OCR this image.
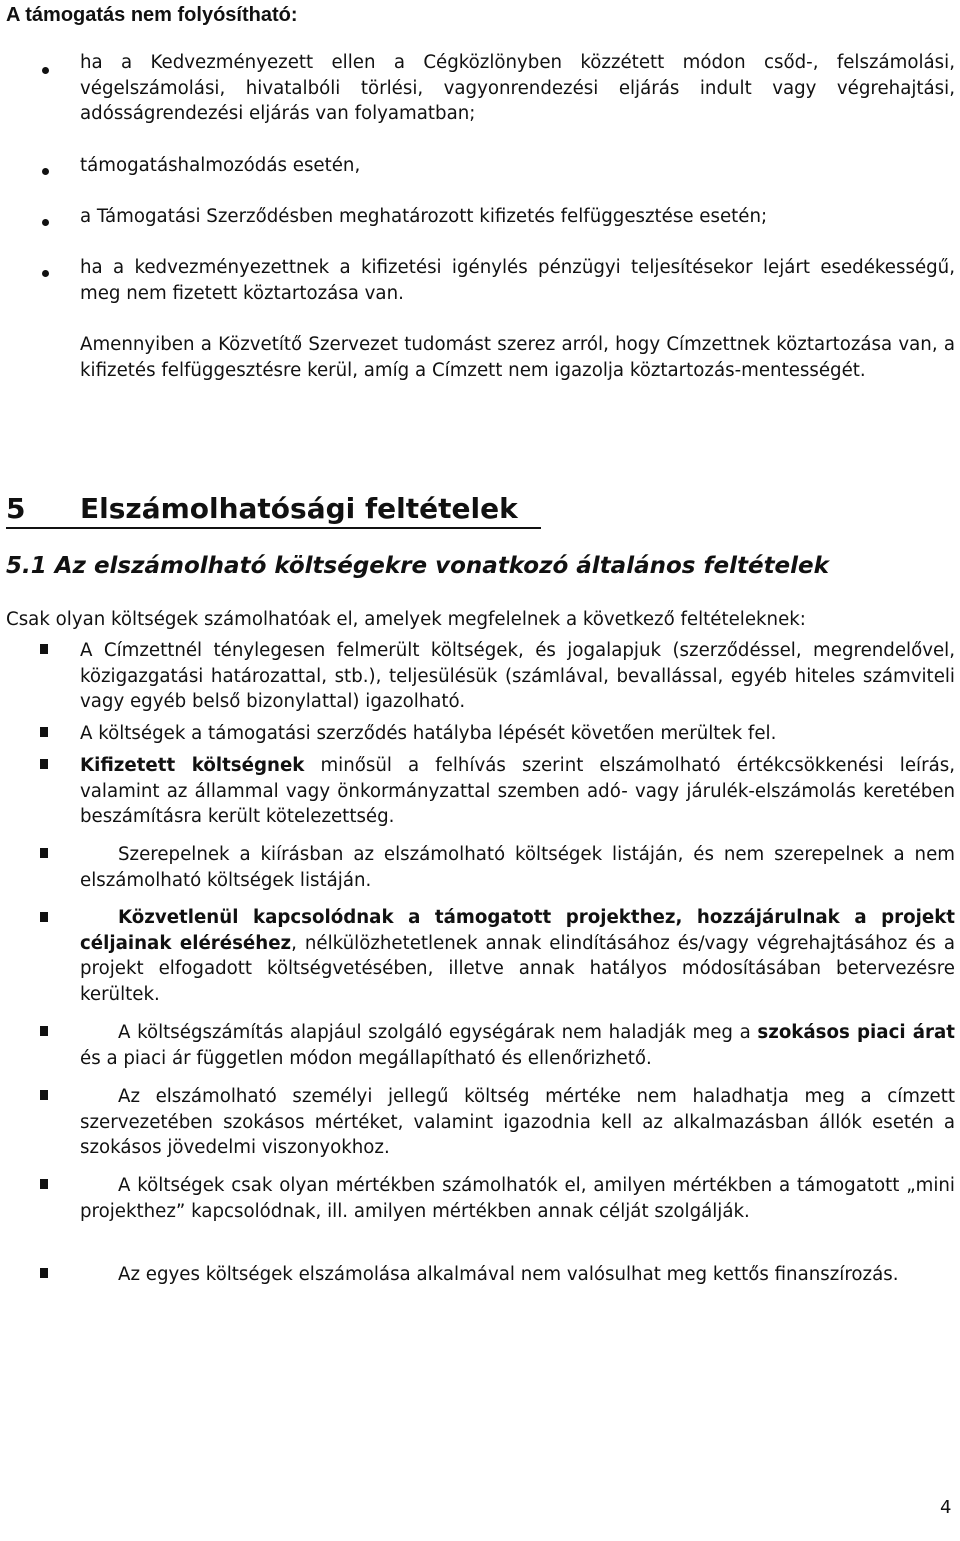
A támogatás nem folyósítható:
ha a Kedvezményezett ellen a Cégközlönyben közzétett módon csőd-, felszámolási, végelszámolási, hivatalbóli törlési, vagyonrendezési eljárás indult vagy végrehajtási, adósságrendezési eljárás van folyamatban;
támogatáshalmozódás esetén,
a Támogatási Szerződésben meghatározott kifizetés felfüggesztése esetén;
ha a kedvezményezettnek a kifizetési igénylés pénzügyi teljesítésekor lejárt esedékességű, meg nem fizetett köztartozása van.
Amennyiben a Közvetítő Szervezet tudomást szerez arról, hogy Címzettnek köztartozása van, a kifizetés felfüggesztésre kerül, amíg a Címzett nem igazolja köztartozás-mentességét.
5 Elszámolhatósági feltételek
5.1 Az elszámolható költségekre vonatkozó általános feltételek
Csak olyan költségek számolhatóak el, amelyek megfelelnek a következő feltételeknek:
A Címzettnél ténylegesen felmerült költségek, és jogalapjuk (szerződéssel, megrendelővel, közigazgatási határozattal, stb.), teljesülésük (számlával, bevallással, egyéb hiteles számviteli vagy egyéb belső bizonylattal) igazolható.
A költségek a támogatási szerződés hatályba lépését követően merültek fel.
Kifizetett költségnek minősül a felhívás szerint elszámolható értékcsökkenési leírás, valamint az állammal vagy önkormányzattal szemben adó- vagy járulék-elszámolás keretében beszámításra került kötelezettség.
Szerepelnek a kiírásban az elszámolható költségek listáján, és nem szerepelnek a nem elszámolható költségek listáján.
Közvetlenül kapcsolódnak a támogatott projekthez, hozzájárulnak a projekt céljainak eléréséhez, nélkülözhetetlenek annak elindításához és/vagy végrehajtásához és a projekt elfogadott költségvetésében, illetve annak hatályos módosításában betervezésre kerültek.
A költségszámítás alapjául szolgáló egységárak nem haladják meg a szokásos piaci árat és a piaci ár független módon megállapítható és ellenőrizhető.
Az elszámolható személyi jellegű költség mértéke nem haladhatja meg a címzett szervezetében szokásos mértéket, valamint igazodnia kell az alkalmazásban állók esetén a szokásos jövedelmi viszonyokhoz.
A költségek csak olyan mértékben számolhatók el, amilyen mértékben a támogatott „mini projekthez” kapcsolódnak, ill. amilyen mértékben annak célját szolgálják.
Az egyes költségek elszámolása alkalmával nem valósulhat meg kettős finanszírozás.
4
